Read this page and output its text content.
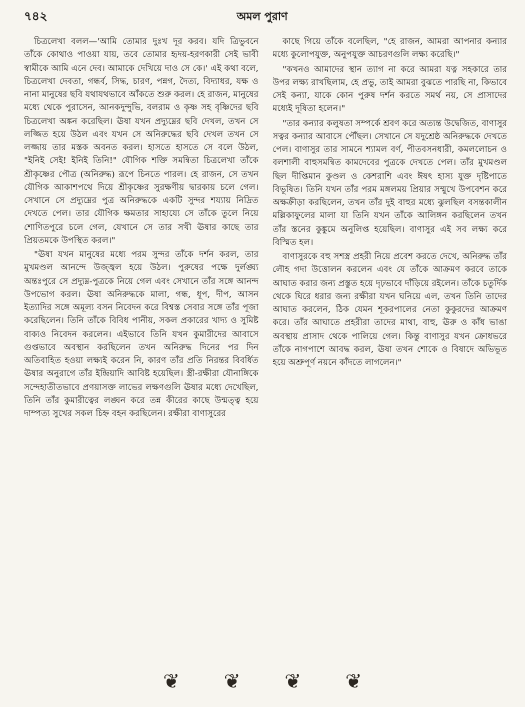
৭৪২	অমল পুরাণ

চিত্রলেখা বলল—'আমি তোমার দুঃখ দূর করব। যদি ত্রিভুবনে তাঁকে কোথাও পাওয়া যায়, তবে তোমার হৃদয়-হরণকারী সেই ভাবী স্বামীকে আমি এনে দেব। আমাকে দেখিয়ে দাও সে কে।' এই কথা বলে, চিত্রলেখা দেবতা, গন্ধর্ব, সিদ্ধ, চারণ, পন্নগ, দৈত্য, বিদ্যাধর, যক্ষ ও নানা মানুষের ছবি যথাযথভাবে আঁকতে শুরু করল। হে রাজন, মানুষের মধ্যে থেকে পুরাসেন, আনকদুন্দুভি, বলরাম ও কৃষ্ণ সহ বৃষ্ণিদের ছবি চিত্রলেখা অঙ্কন করেছিল। ঊষা যখন প্রদ্যুম্নের ছবি দেখল, তখন সে লজ্জিত হয়ে উঠল এবং যখন সে অনিরুদ্ধের ছবি দেখল তখন সে লজ্জায় তার মস্তক অবনত করল। হাসতে হাসতে সে বলে উঠল, "ইনিই সেই! ইনিই তিনি!" যৌগিক শক্তি সমন্বিতা চিত্রলেখা তাঁকে শ্রীকৃষ্ণের পৌত্র (অনিরুদ্ধ) রূপে চিনতে পারল। হে রাজন, সে তখন যৌগিক আকাশপথে দিয়ে শ্রীকৃষ্ণের সুরক্ষণীয় দ্বারকায় চলে গেল। সেখানে সে প্রদ্যুম্নের পুত্র অনিরুদ্ধকে একটি সুন্দর শয্যায় নিদ্রিত দেখতে পেল। তার যৌগিক ক্ষমতার সাহায্যে সে তাঁকে তুলে নিয়ে শোণিতপুরে চলে গেল, যেখানে সে তার সখী ঊষার কাছে তার প্রিয়তমকে উপস্থিত করল।"

"ঊষা যখন মানুষের মধ্যে পরম সুন্দর তাঁকে দর্শন করল, তার মুখমণ্ডল আনন্দে উজ্জ্বল হয়ে উঠল। পুরুষের পক্ষে দুর্লঙ্ঘ্য অন্তঃপুরে সে প্রদ্যুম্ন-পুত্রকে নিয়ে গেল এবং সেখানে তাঁর সঙ্গে আনন্দ উপভোগ করল। ঊষা অনিরুদ্ধকে মালা, গন্ধ, ধূপ, দীপ, আসন ইত্যাদির সঙ্গে অমূল্য বসন নিবেদন করে বিশ্বস্ত সেবার সঙ্গে তাঁর পূজা করেছিলেন। তিনি তাঁকে বিবিধ পানীয়, সকল প্রকারের খাদ্য ও সুমিষ্ট বাক্যও নিবেদন করলেন। এইভাবে তিনি যখন কুমারীদের আবাসে গুপ্তভাবে অবস্থান করছিলেন তখন অনিরুদ্ধ দিনের পর দিন অতিবাহিত হওয়া লক্ষ্যই করেন নি, কারণ তাঁর প্রতি নিরন্তর বিবর্ধিত ঊষার অনুরাগে তাঁর ইন্দ্রিয়াদি আবিষ্ট হয়েছিল। স্ত্রী-রক্ষীরা যৌনাঙ্গিকে সন্দেহাতীতভাবে প্রণয়াসক্ত লাভের লক্ষণগুলি ঊষার মধ্যে দেখেছিল, তিনি তাঁর কুমারীত্বের লঙ্ঘন করে তন্ন কীরের কাছে উন্মত্ত্ব হয়ে দাম্পত্য সুখের সকল চিহ্ন বহন করছিলেন। রক্ষীরা বাণাসুরের

কাছে গিয়ে তাঁকে বলেছিল, "হে রাজন, আমরা আপনার কন্যার মধ্যে কুলোপযুক্ত, অনুপযুক্ত আচরণগুলি লক্ষ্য করেছি।"

"কখনও আমাদের স্থান ত্যাগ না করে আমরা যত্ন সহকারে তার উপর লক্ষ্য রাখছিলাম, হে প্রভু, তাই আমরা বুঝতে পারছি না, কিভাবে সেই কন্যা, যাকে কোন পুরুষ দর্শন করতে সমর্থ নয়, সে প্রাসাদের মধ্যেই দূষিতা হলেন।"

"তার কন্যার কলুষতা সম্পর্কে শ্রবণ করে অত্যন্ত উদ্বেজিত, বাণাসুর সত্বর কন্যার আবাসে পৌঁছল। সেখানে সে যদুশ্রেষ্ঠ অনিরুদ্ধকে দেখতে পেল। বাণাসুর তার সামনে শ্যামল বর্ণ, পীতবসনধারী, কমললোচন ও বলশালী বাহুসমন্বিত কামদেবের পুত্রকে দেখতে পেল। তাঁর মুখমণ্ডল ছিল দীপ্তিমান কুণ্ডল ও কেশরাশি এবং ঈষৎ হাস্য যুক্ত দৃষ্টিপাতে বিভূষিত। তিনি যখন তাঁর পরম মঙ্গলময় প্রিয়ার সম্মুখে উপবেশন করে অক্ষক্রীড়া করছিলেন, তখন তাঁর দুই বাহুর মধ্যে ঝুলছিল বসন্তকালীন মল্লিকাফুলের মালা যা তিনি যখন তাঁকে আলিঙ্গন করছিলেন তখন তাঁর স্তনের কুঙ্কুমে অনুলিপ্ত হয়েছিল। বাণাসুর এই সব লক্ষ্য করে বিস্মিত হল।

বাণাসুরকে বহু সশস্ত্র প্রহরী নিয়ে প্রবেশ করতে দেখে, অনিরুদ্ধ তাঁর লৌহ গদা উত্তোলন করলেন এবং যে তাঁকে আক্রমণ করবে তাকে আঘাত করার জন্য প্রস্তুত হয়ে দৃঢ়ভাবে দাঁড়িয়ে রইলেন। তাঁকে চতুর্দিক থেকে ঘিরে ধরার জন্য রক্ষীরা যখন ঘনিয়ে এল, তখন তিনি তাদের আঘাত করলেন, ঠিক যেমন শূকরপালের নেতা কুকুরদের আক্রমণ করে। তাঁর আঘাতে প্রহরীরা তাদের মাথা, বাহু, ঊরু ও কাঁধ ভাঙা অবস্থায় প্রাসাদ থেকে পালিয়ে গেল। কিন্তু বাণাসুর যখন ক্রোধভরে তাঁকে নাগপাশে আবদ্ধ করল, ঊষা তখন শোকে ও বিষাদে অভিভূত হয়ে অশ্রুপূর্ণ নয়নে কাঁদতে লাগলেন।"

❦ ❦ ❦ ❦
